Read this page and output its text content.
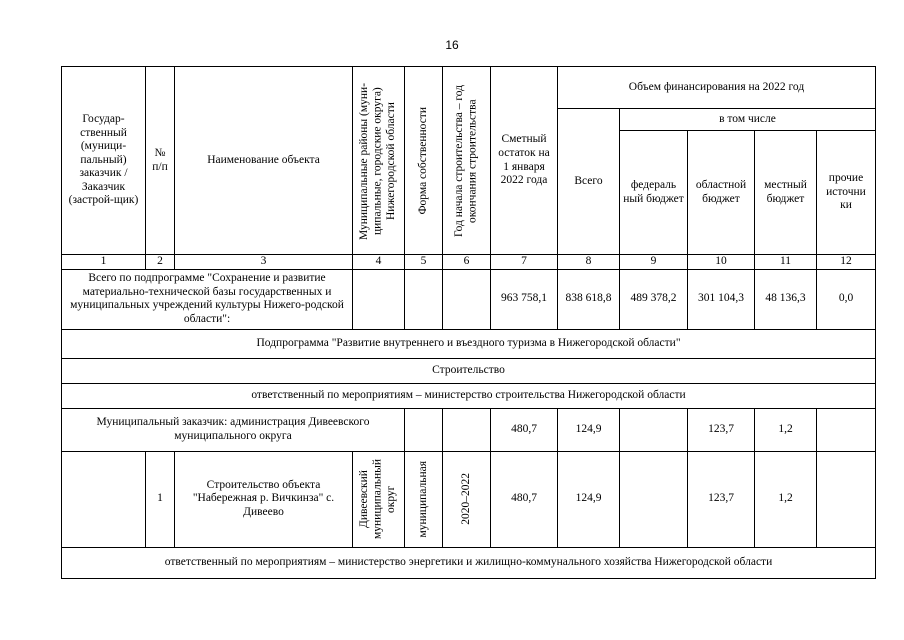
16
Государ-ственный (муници-пальный) заказчик / Заказчик (застрой-щик)	№ п/п	Наименование объекта	Муниципальные районы (муни-ципальные, городские округа) Нижегородской области	Форма собственности	Год начала строительства – год окончания строительства	Сметный остаток на 1 января 2022 года	Объем финансирования на 2022 год				
							Всего	в том числе			
								федераль ный бюджет	областной бюджет	местный бюджет	прочие источни ки
1	2	3	4	5	6	7	8	9	10	11	12
Всего по подпрограмме "Сохранение и развитие материально-технической базы государственных и муниципальных учреждений культуры Нижего-родской области":						963 758,1	838 618,8	489 378,2	301 104,3	48 136,3	0,0
Подпрограмма "Развитие внутреннего и въездного туризма в Нижегородской области"											
Строительство											
ответственный по мероприятиям – министерство строительства Нижегородской области											
Муниципальный заказчик: администрация Дивеевского муниципального округа						480,7	124,9		123,7	1,2	
	1	Строительство объекта "Набережная р. Вичкинза" с. Дивеево	Дивеевский муниципальный округ	муниципальная	2020–2022	480,7	124,9		123,7	1,2	
ответственный по мероприятиям – министерство энергетики и жилищно-коммунального хозяйства Нижегородской области											
